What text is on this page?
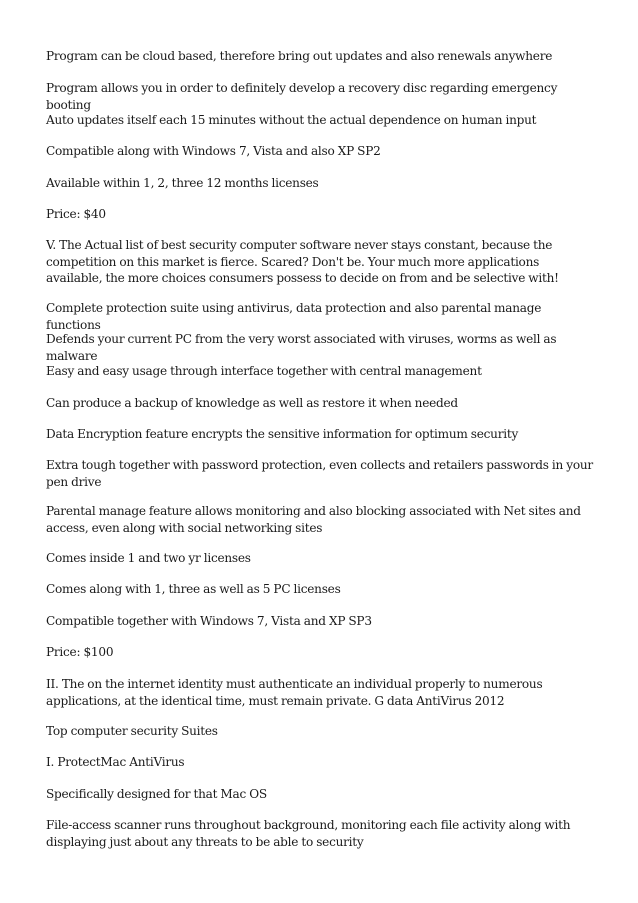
Program can be cloud based, therefore bring out updates and also renewals anywhere

Program allows you in order to definitely develop a recovery disc regarding emergency booting

Auto updates itself each 15 minutes without the actual dependence on human input

Compatible along with Windows 7, Vista and also XP SP2

Available within 1, 2, three 12 months licenses

Price: $40

V. The Actual list of best security computer software never stays constant, because the competition on this market is fierce. Scared? Don't be. Your much more applications available, the more choices consumers possess to decide on from and be selective with!

Complete protection suite using antivirus, data protection and also parental manage functions

Defends your current PC from the very worst associated with viruses, worms as well as malware

Easy and easy usage through interface together with central management

Can produce a backup of knowledge as well as restore it when needed

Data Encryption feature encrypts the sensitive information for optimum security

Extra tough together with password protection, even collects and retailers passwords in your pen drive

Parental manage feature allows monitoring and also blocking associated with Net sites and access, even along with social networking sites

Comes inside 1 and two yr licenses

Comes along with 1, three as well as 5 PC licenses

Compatible together with Windows 7, Vista and XP SP3

Price: $100

II. The on the internet identity must authenticate an individual properly to numerous applications, at the identical time, must remain private. G data AntiVirus 2012

Top computer security Suites

I. ProtectMac AntiVirus

Specifically designed for that Mac OS

File-access scanner runs throughout background, monitoring each file activity along with displaying just about any threats to be able to security
